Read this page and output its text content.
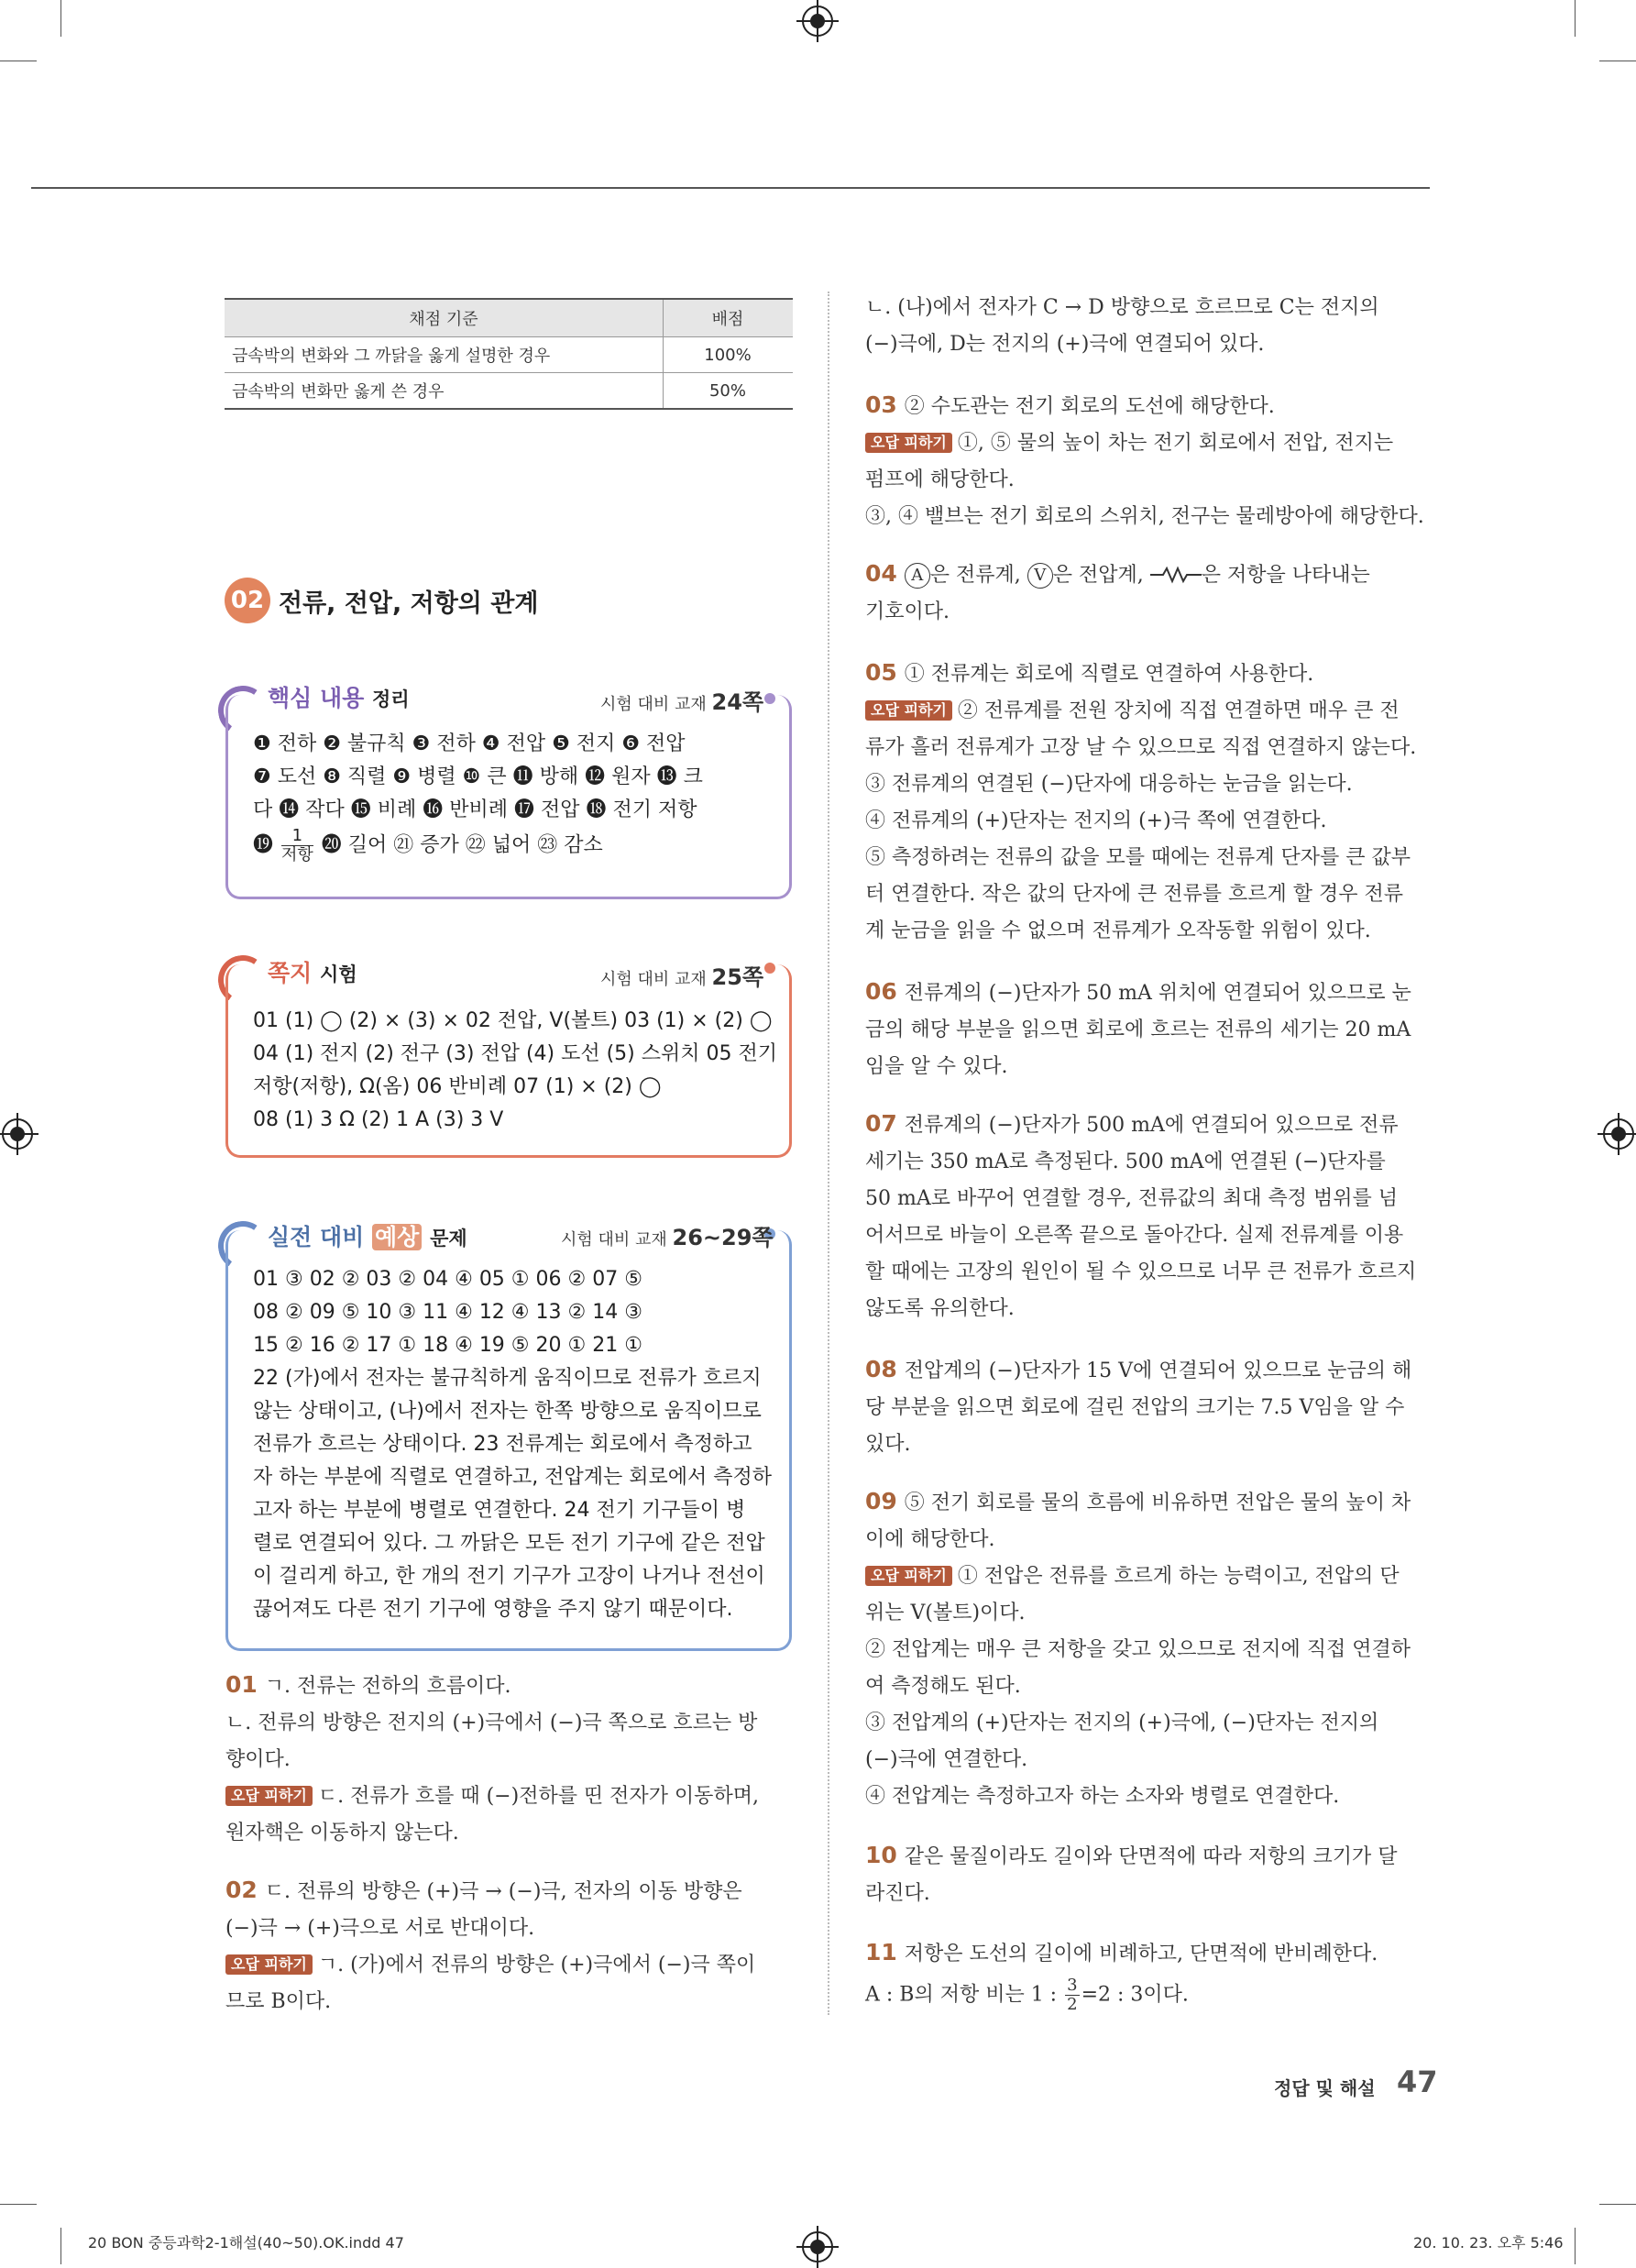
채점 기준	배점
금속박의 변화와 그 까닭을 옳게 설명한 경우	100%
금속박의 변화만 옳게 쓴 경우	50%
02 전류, 전압, 저항의 관계
핵심 내용 정리	시험 대비 교재 24쪽
❶ 전하 ❷ 불규칙 ❸ 전하 ❹ 전압 ❺ 전지 ❻ 전압
❼ 도선 ❽ 직렬 ❾ 병렬 ❿ 큰 ⓫ 방해 ⓬ 원자 ⓭ 크
다 ⓮ 작다 ⓯ 비례 ⓰ 반비례 ⓱ 전압 ⓲ 전기 저항
⓳ $\frac{1}{\text{저항}}$ ⓴ 길어 ㉑ 증가 ㉒ 넓어 ㉓ 감소
쪽지 시험	시험 대비 교재 25쪽
01 (1) ◯ (2) × (3) × 02 전압, V(볼트) 03 (1) × (2) ◯
04 (1) 전지 (2) 전구 (3) 전압 (4) 도선 (5) 스위치 05 전기
저항(저항), Ω(옴) 06 반비례 07 (1) × (2) ◯
08 (1) 3 Ω (2) 1 A (3) 3 V
실전 대비 예상 문제	시험 대비 교재 26~29쪽
01 ③ 02 ② 03 ② 04 ④ 05 ① 06 ② 07 ⑤
08 ② 09 ⑤ 10 ③ 11 ④ 12 ④ 13 ② 14 ③
15 ② 16 ② 17 ① 18 ④ 19 ⑤ 20 ① 21 ①
22 (가)에서 전자는 불규칙하게 움직이므로 전류가 흐르지
않는 상태이고, (나)에서 전자는 한쪽 방향으로 움직이므로
전류가 흐르는 상태이다. 23 전류계는 회로에서 측정하고
자 하는 부분에 직렬로 연결하고, 전압계는 회로에서 측정하
고자 하는 부분에 병렬로 연결한다. 24 전기 기구들이 병
렬로 연결되어 있다. 그 까닭은 모든 전기 기구에 같은 전압
이 걸리게 하고, 한 개의 전기 기구가 고장이 나거나 전선이
끊어져도 다른 전기 기구에 영향을 주지 않기 때문이다.
01 ㄱ. 전류는 전하의 흐름이다.
ㄴ. 전류의 방향은 전지의 (+)극에서 (−)극 쪽으로 흐르는 방
향이다.
오답 피하기 ㄷ. 전류가 흐를 때 (−)전하를 띤 전자가 이동하며,
원자핵은 이동하지 않는다.
02 ㄷ. 전류의 방향은 (+)극 → (−)극, 전자의 이동 방향은
(−)극 → (+)극으로 서로 반대이다.
오답 피하기 ㄱ. (가)에서 전류의 방향은 (+)극에서 (−)극 쪽이
므로 B이다.
ㄴ. (나)에서 전자가 C → D 방향으로 흐르므로 C는 전지의
(−)극에, D는 전지의 (+)극에 연결되어 있다.
03 ② 수도관는 전기 회로의 도선에 해당한다.
오답 피하기 ①, ⑤ 물의 높이 차는 전기 회로에서 전압, 전지는
펌프에 해당한다.
③, ④ 밸브는 전기 회로의 스위치, 전구는 물레방아에 해당한다.
04 A 은 전류계, V 은 전압계,	은 저항을 나타내는
기호이다.
05 ① 전류계는 회로에 직렬로 연결하여 사용한다.
오답 피하기 ② 전류계를 전원 장치에 직접 연결하면 매우 큰 전
류가 흘러 전류계가 고장 날 수 있으므로 직접 연결하지 않는다.
③ 전류계의 연결된 (−)단자에 대응하는 눈금을 읽는다.
④ 전류계의 (+)단자는 전지의 (+)극 쪽에 연결한다.
⑤ 측정하려는 전류의 값을 모를 때에는 전류계 단자를 큰 값부
터 연결한다. 작은 값의 단자에 큰 전류를 흐르게 할 경우 전류
계 눈금을 읽을 수 없으며 전류계가 오작동할 위험이 있다.
06 전류계의 (−)단자가 50 mA 위치에 연결되어 있으므로 눈
금의 해당 부분을 읽으면 회로에 흐르는 전류의 세기는 20 mA
임을 알 수 있다.
07 전류계의 (−)단자가 500 mA에 연결되어 있으므로 전류
세기는 350 mA로 측정된다. 500 mA에 연결된 (−)단자를
50 mA로 바꾸어 연결할 경우, 전류값의 최대 측정 범위를 넘
어서므로 바늘이 오른쪽 끝으로 돌아간다. 실제 전류계를 이용
할 때에는 고장의 원인이 될 수 있으므로 너무 큰 전류가 흐르지
않도록 유의한다.
08 전압계의 (−)단자가 15 V에 연결되어 있으므로 눈금의 해
당 부분을 읽으면 회로에 걸린 전압의 크기는 7.5 V임을 알 수
있다.
09 ⑤ 전기 회로를 물의 흐름에 비유하면 전압은 물의 높이 차
이에 해당한다.
오답 피하기 ① 전압은 전류를 흐르게 하는 능력이고, 전압의 단
위는 V(볼트)이다.
② 전압계는 매우 큰 저항을 갖고 있으므로 전지에 직접 연결하
여 측정해도 된다.
③ 전압계의 (+)단자는 전지의 (+)극에, (−)단자는 전지의
(−)극에 연결한다.
④ 전압계는 측정하고자 하는 소자와 병렬로 연결한다.
10 같은 물질이라도 길이와 단면적에 따라 저항의 크기가 달
라진다.
11 저항은 도선의 길이에 비례하고, 단면적에 반비례한다.
A : B의 저항 비는 1 : $\frac{3}{2} =2$ : 3이다.
정답 및 해설 47
20 BON 중등과학2-1해설(40~50).OK.indd 47	20. 10. 23. 오후 5:46
